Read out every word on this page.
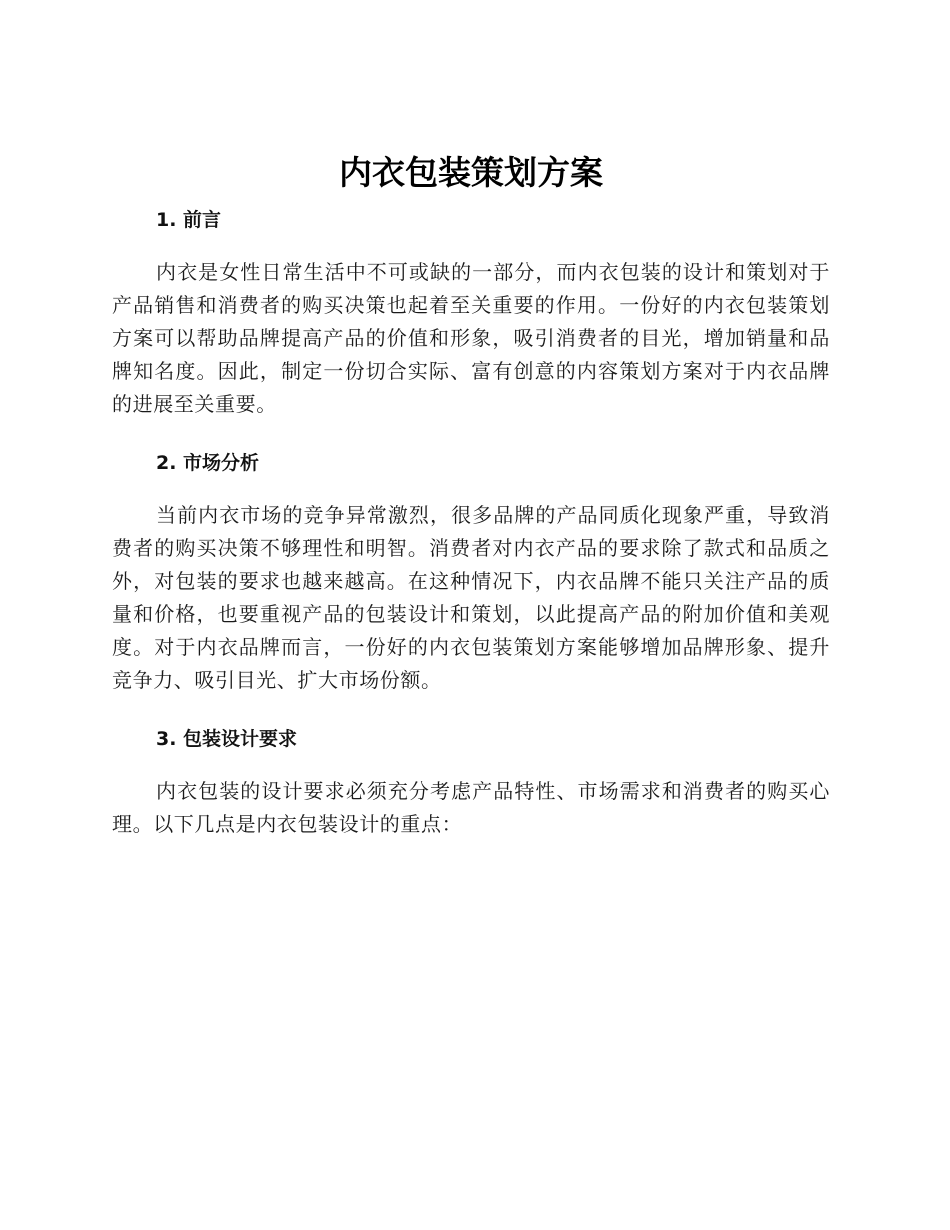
内衣包装策划方案
1. 前言

内衣是女性日常生活中不可或缺的一部分，而内衣包装的设计和策划对于产品销售和消费者的购买决策也起着至关重要的作用。一份好的内衣包装策划方案可以帮助品牌提高产品的价值和形象，吸引消费者的目光，增加销量和品牌知名度。因此，制定一份切合实际、富有创意的内容策划方案对于内衣品牌的进展至关重要。

2. 市场分析

当前内衣市场的竞争异常激烈，很多品牌的产品同质化现象严重，导致消费者的购买决策不够理性和明智。消费者对内衣产品的要求除了款式和品质之外，对包装的要求也越来越高。在这种情况下，内衣品牌不能只关注产品的质量和价格，也要重视产品的包装设计和策划，以此提高产品的附加价值和美观度。对于内衣品牌而言，一份好的内衣包装策划方案能够增加品牌形象、提升竞争力、吸引目光、扩大市场份额。

3. 包装设计要求

内衣包装的设计要求必须充分考虑产品特性、市场需求和消费者的购买心理。以下几点是内衣包装设计的重点：
